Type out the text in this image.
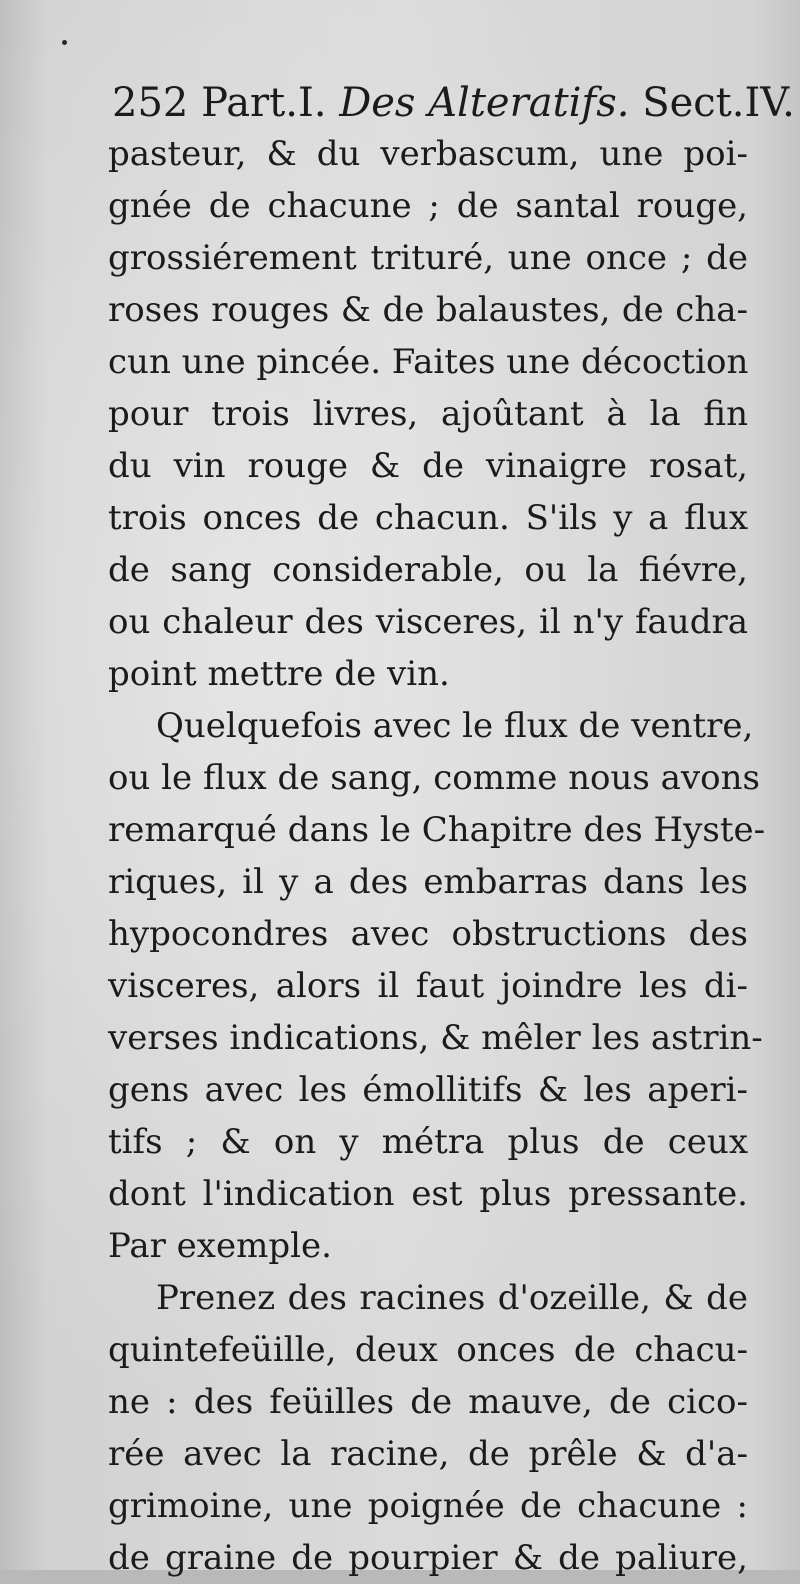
252 Part.I. Des Alteratifs. Sect.IV.
pasteur, & du verbascum, une poi-
gnée de chacune ; de santal rouge,
grossiérement trituré, une once ; de
roses rouges & de balaustes, de cha-
cun une pincée. Faites une décoction
pour trois livres, ajoûtant à la fin
du vin rouge & de vinaigre rosat,
trois onces de chacun. S'ils y a flux
de sang considerable, ou la fiévre,
ou chaleur des visceres, il n'y faudra
point mettre de vin.
Quelquefois avec le flux de ventre,
ou le flux de sang, comme nous avons
remarqué dans le Chapitre des Hyste-
riques, il y a des embarras dans les
hypocondres avec obstructions des
visceres, alors il faut joindre les di-
verses indications, & mêler les astrin-
gens avec les émollitifs & les aperi-
tifs ; & on y métra plus de ceux
dont l'indication est plus pressante.
Par exemple.
Prenez des racines d'ozeille, & de
quintefeüille, deux onces de chacu-
ne : des feüilles de mauve, de cico-
rée avec la racine, de prêle & d'a-
grimoine, une poignée de chacune :
de graine de pourpier & de paliure,
